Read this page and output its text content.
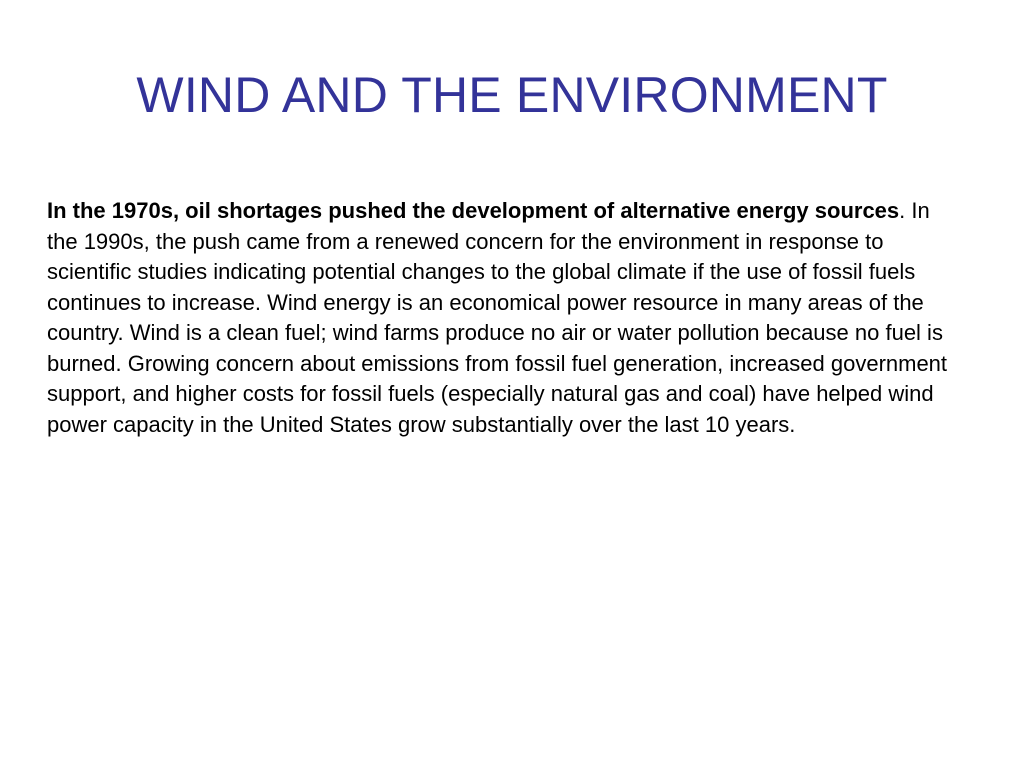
WIND AND THE ENVIRONMENT
In the 1970s, oil shortages pushed the development of alternative energy sources. In the 1990s, the push came from a renewed concern for the environment in response to scientific studies indicating potential changes to the global climate if the use of fossil fuels continues to increase. Wind energy is an economical power resource in many areas of the country. Wind is a clean fuel; wind farms produce no air or water pollution because no fuel is burned. Growing concern about emissions from fossil fuel generation, increased government support, and higher costs for fossil fuels (especially natural gas and coal) have helped wind power capacity in the United States grow substantially over the last 10 years.
